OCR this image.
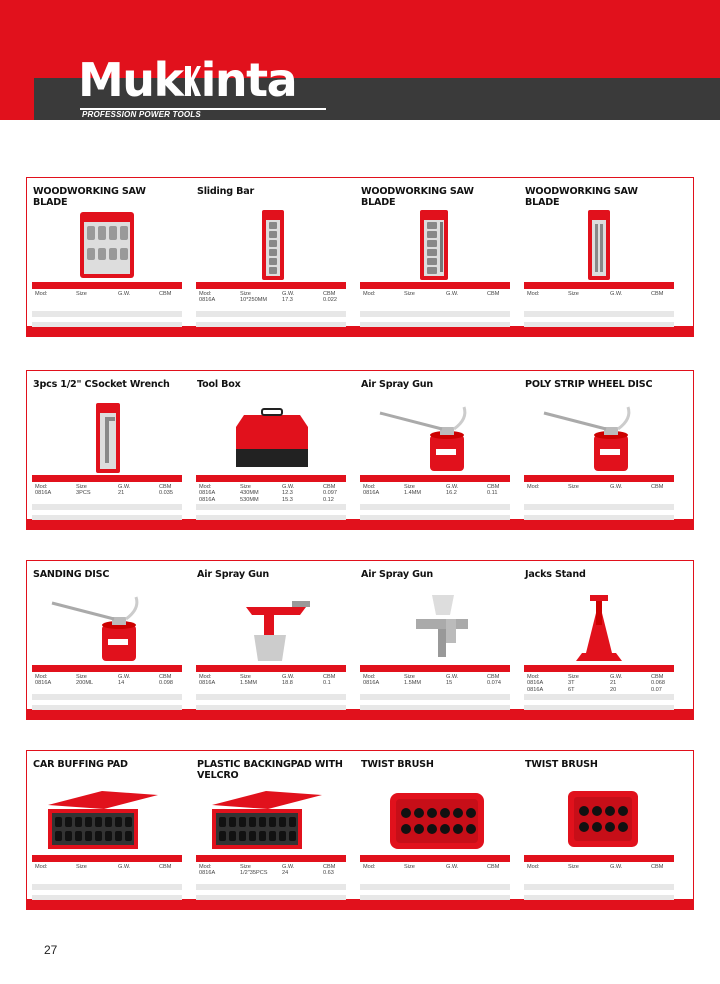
Muk inta
PROFESSION POWER TOOLS
WOODWORKING SAW BLADE
Mod:	Size	G.W.	CBM
Sliding Bar
Mod:	Size	G.W.	CBM
0816A	10*250MM	17.3	0.022
WOODWORKING SAW BLADE
Mod:	Size	G.W.	CBM
WOODWORKING SAW BLADE
Mod:	Size	G.W.	CBM
3pcs 1/2" CSocket Wrench
Mod:	Size	G.W.	CBM
0816A	3PCS	21	0.035
Tool Box
Mod:	Size	G.W.	CBM
0816A	430MM	12.3	0.097
0816A	530MM	15.3	0.12
Air Spray Gun
Mod:	Size	G.W.	CBM
0816A	1.4MM	16.2	0.11
POLY STRIP WHEEL DISC
Mod:	Size	G.W.	CBM
SANDING DISC
Mod:	Size	G.W.	CBM
0816A	200ML	14	0.098
Air Spray Gun
Mod:	Size	G.W.	CBM
0816A	1.5MM	18.8	0.1
Air Spray Gun
Mod:	Size	G.W.	CBM
0816A	1.5MM	15	0.074
Jacks Stand
Mod:	Size	G.W.	CBM
0816A	3T	21	0.068
0816A	6T	20	0.07
CAR BUFFING PAD
Mod:	Size	G.W.	CBM
PLASTIC BACKINGPAD WITH VELCRO
Mod:	Size	G.W.	CBM
0816A	1/2"35PCS	24	0.63
TWIST BRUSH
Mod:	Size	G.W.	CBM
TWIST BRUSH
Mod:	Size	G.W.	CBM
27
